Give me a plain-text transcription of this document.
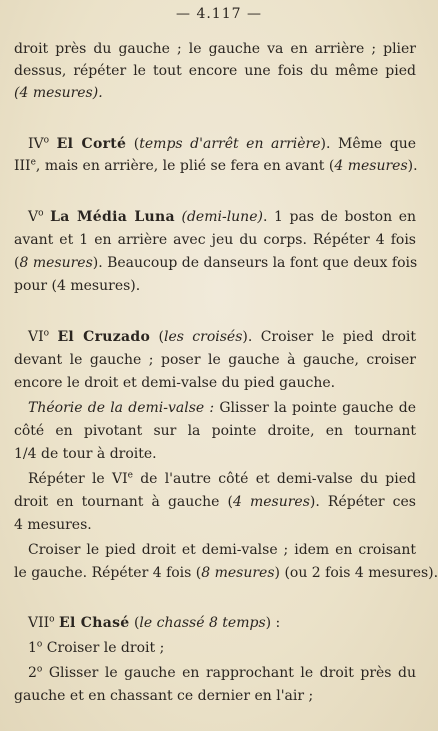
— 4.117 —
droit près du gauche ; le gauche va en arrière ; plier
dessus, répéter le tout encore une fois du même pied
(4 mesures).
$IV^o$ El Corté (temps d'arrêt en arrière). Même que
IIIe, mais en arrière, le plié se fera en avant (4 mesures).
$V^o$ La Média Luna (demi-lune). 1 pas de boston en
avant et 1 en arrière avec jeu du corps. Répéter 4 fois
(8 mesures). Beaucoup de danseurs la font que deux fois
pour (4 mesures).
$VI^o$ El Cruzado (les croisés). Croiser le pied droit
devant le gauche ; poser le gauche à gauche, croiser
encore le droit et demi-valse du pied gauche.
Théorie de la demi-valse : Glisser la pointe gauche de
côté en pivotant sur la pointe droite, en tournant
1/4 de tour à droite.
Répéter le VIe de l'autre côté et demi-valse du pied
droit en tournant à gauche (4 mesures). Répéter ces
4 mesures.
Croiser le pied droit et demi-valse ; idem en croisant
le gauche. Répéter 4 fois (8 mesures) (ou 2 fois 4 mesures).
VII$^o$ El Chasé (le chassé 8 temps) :
1$^o$ Croiser le droit ;
2$^o$ Glisser le gauche en rapprochant le droit près du
gauche et en chassant ce dernier en l'air ;
